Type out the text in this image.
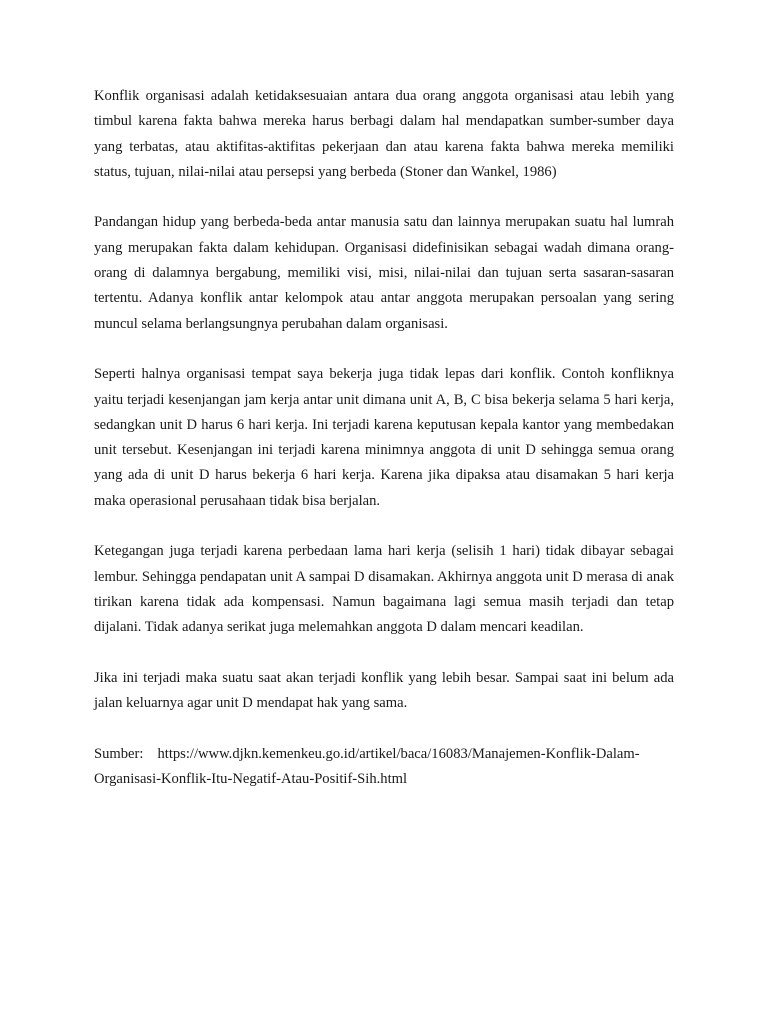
Konflik organisasi adalah ketidaksesuaian antara dua orang anggota organisasi atau lebih yang timbul karena fakta bahwa mereka harus berbagi dalam hal mendapatkan sumber-sumber daya yang terbatas, atau aktifitas-aktifitas pekerjaan dan atau karena fakta bahwa mereka memiliki status, tujuan, nilai-nilai atau persepsi yang berbeda (Stoner dan Wankel, 1986)

Pandangan hidup yang berbeda-beda antar manusia satu dan lainnya merupakan suatu hal lumrah yang merupakan fakta dalam kehidupan. Organisasi didefinisikan sebagai wadah dimana orang-orang di dalamnya bergabung, memiliki visi, misi, nilai-nilai dan tujuan serta sasaran-sasaran tertentu. Adanya konflik antar kelompok atau antar anggota merupakan persoalan yang sering muncul selama berlangsungnya perubahan dalam organisasi.

Seperti halnya organisasi tempat saya bekerja juga tidak lepas dari konflik. Contoh konfliknya yaitu terjadi kesenjangan jam kerja antar unit dimana unit A, B, C bisa bekerja selama 5 hari kerja, sedangkan unit D harus 6 hari kerja. Ini terjadi karena keputusan kepala kantor yang membedakan unit tersebut. Kesenjangan ini terjadi karena minimnya anggota di unit D sehingga semua orang yang ada di unit D harus bekerja 6 hari kerja. Karena jika dipaksa atau disamakan 5 hari kerja maka operasional perusahaan tidak bisa berjalan.

Ketegangan juga terjadi karena perbedaan lama hari kerja (selisih 1 hari) tidak dibayar sebagai lembur. Sehingga pendapatan unit A sampai D disamakan. Akhirnya anggota unit D merasa di anak tirikan karena tidak ada kompensasi. Namun bagaimana lagi semua masih terjadi dan tetap dijalani. Tidak adanya serikat juga melemahkan anggota D dalam mencari keadilan.

Jika ini terjadi maka suatu saat akan terjadi konflik yang lebih besar. Sampai saat ini belum ada jalan keluarnya agar unit D mendapat hak yang sama.

Sumber: https://www.djkn.kemenkeu.go.id/artikel/baca/16083/Manajemen-Konflik-Dalam-Organisasi-Konflik-Itu-Negatif-Atau-Positif-Sih.html
